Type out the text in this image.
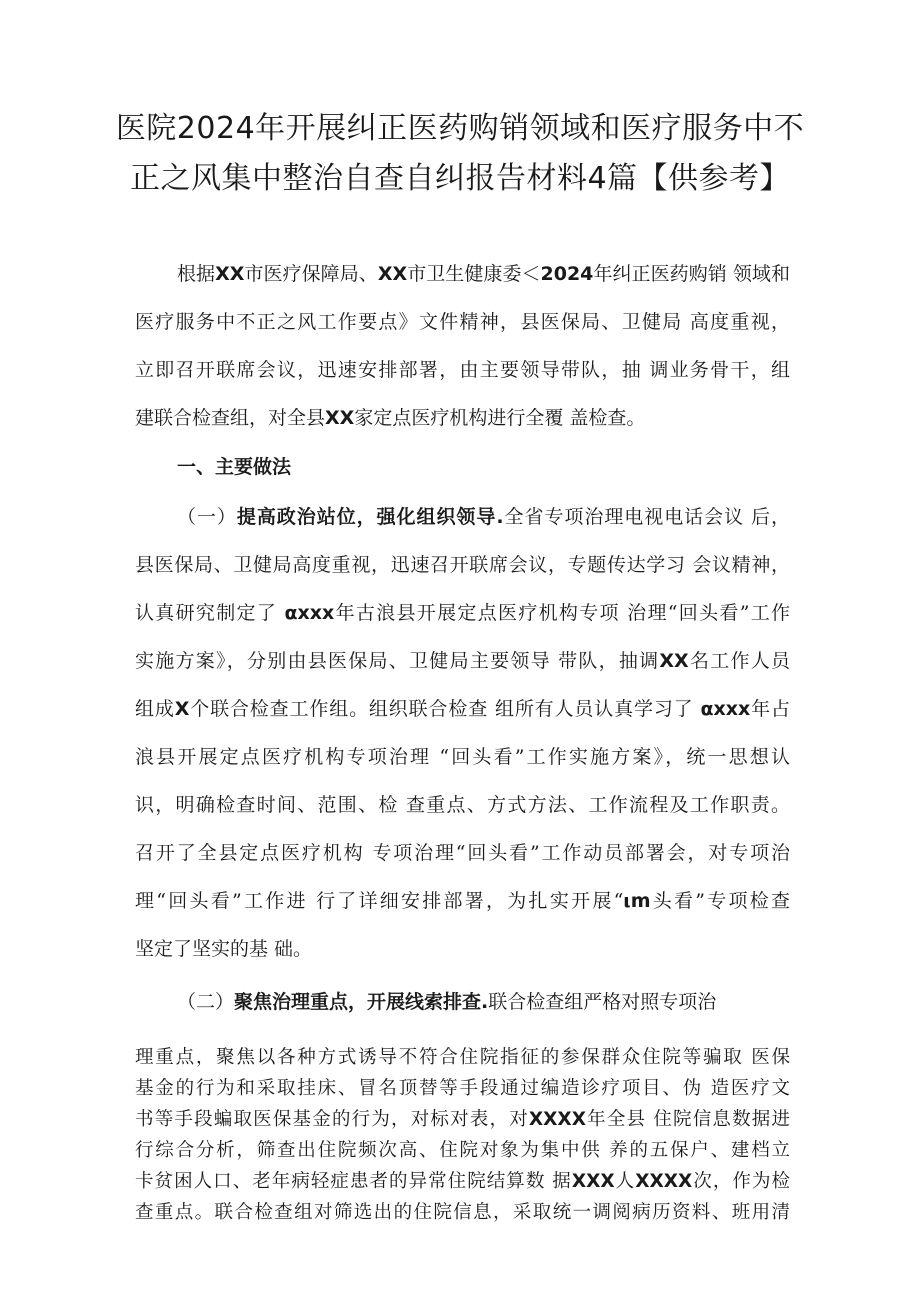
医院2024年开展纠正医药购销领域和医疗服务中不
正之风集中整治自查自纠报告材料4篇【供参考】
根据XX市医疗保障局、XX市卫生健康委＜2024年纠正医药购销 领域和
医疗服务中不正之风工作要点》文件精神，县医保局、卫健局 高度重视，
立即召开联席会议，迅速安排部署，由主要领导带队，抽 调业务骨干，组
建联合检查组，对全县XX家定点医疗机构进行全覆 盖检查。
一、主要做法
（一）提高政治站位，强化组织领导.全省专项治理电视电话会议 后，
县医保局、卫健局高度重视，迅速召开联席会议，专题传达学习 会议精神，
认真研究制定了 αxxx年古浪县开展定点医疗机构专项 治理“回头看”工作
实施方案》，分别由县医保局、卫健局主要领导 带队，抽调XX名工作人员
组成X个联合检查工作组。组织联合检查 组所有人员认真学习了 αxxx年占
浪县开展定点医疗机构专项治理 “回头看”工作实施方案》，统一思想认
识，明确检查时间、范围、检 查重点、方式方法、工作流程及工作职责。
召开了全县定点医疗机构 专项治理“回头看”工作动员部署会，对专项治
理“回头看”工作进 行了详细安排部署，为扎实开展“ιm头看”专项检查
坚定了坚实的基 础。
（二）聚焦治理重点，开展线索排查.联合检查组严格对照专项治
理重点，聚焦以各种方式诱导不符合住院指征的参保群众住院等骗取 医保
基金的行为和采取挂床、冒名顶替等手段通过编造诊疗项目、伪 造医疗文
书等手段蝙取医保基金的行为，对标对表，对XXXX年全县 住院信息数据进
行综合分析，筛查出住院频次高、住院对象为集中供 养的五保户、建档立
卡贫困人口、老年病轻症患者的异常住院结算数 据XXX人XXXX次，作为检
查重点。联合检查组对筛选出的住院信息，采取统一调阅病历资料、班用清
